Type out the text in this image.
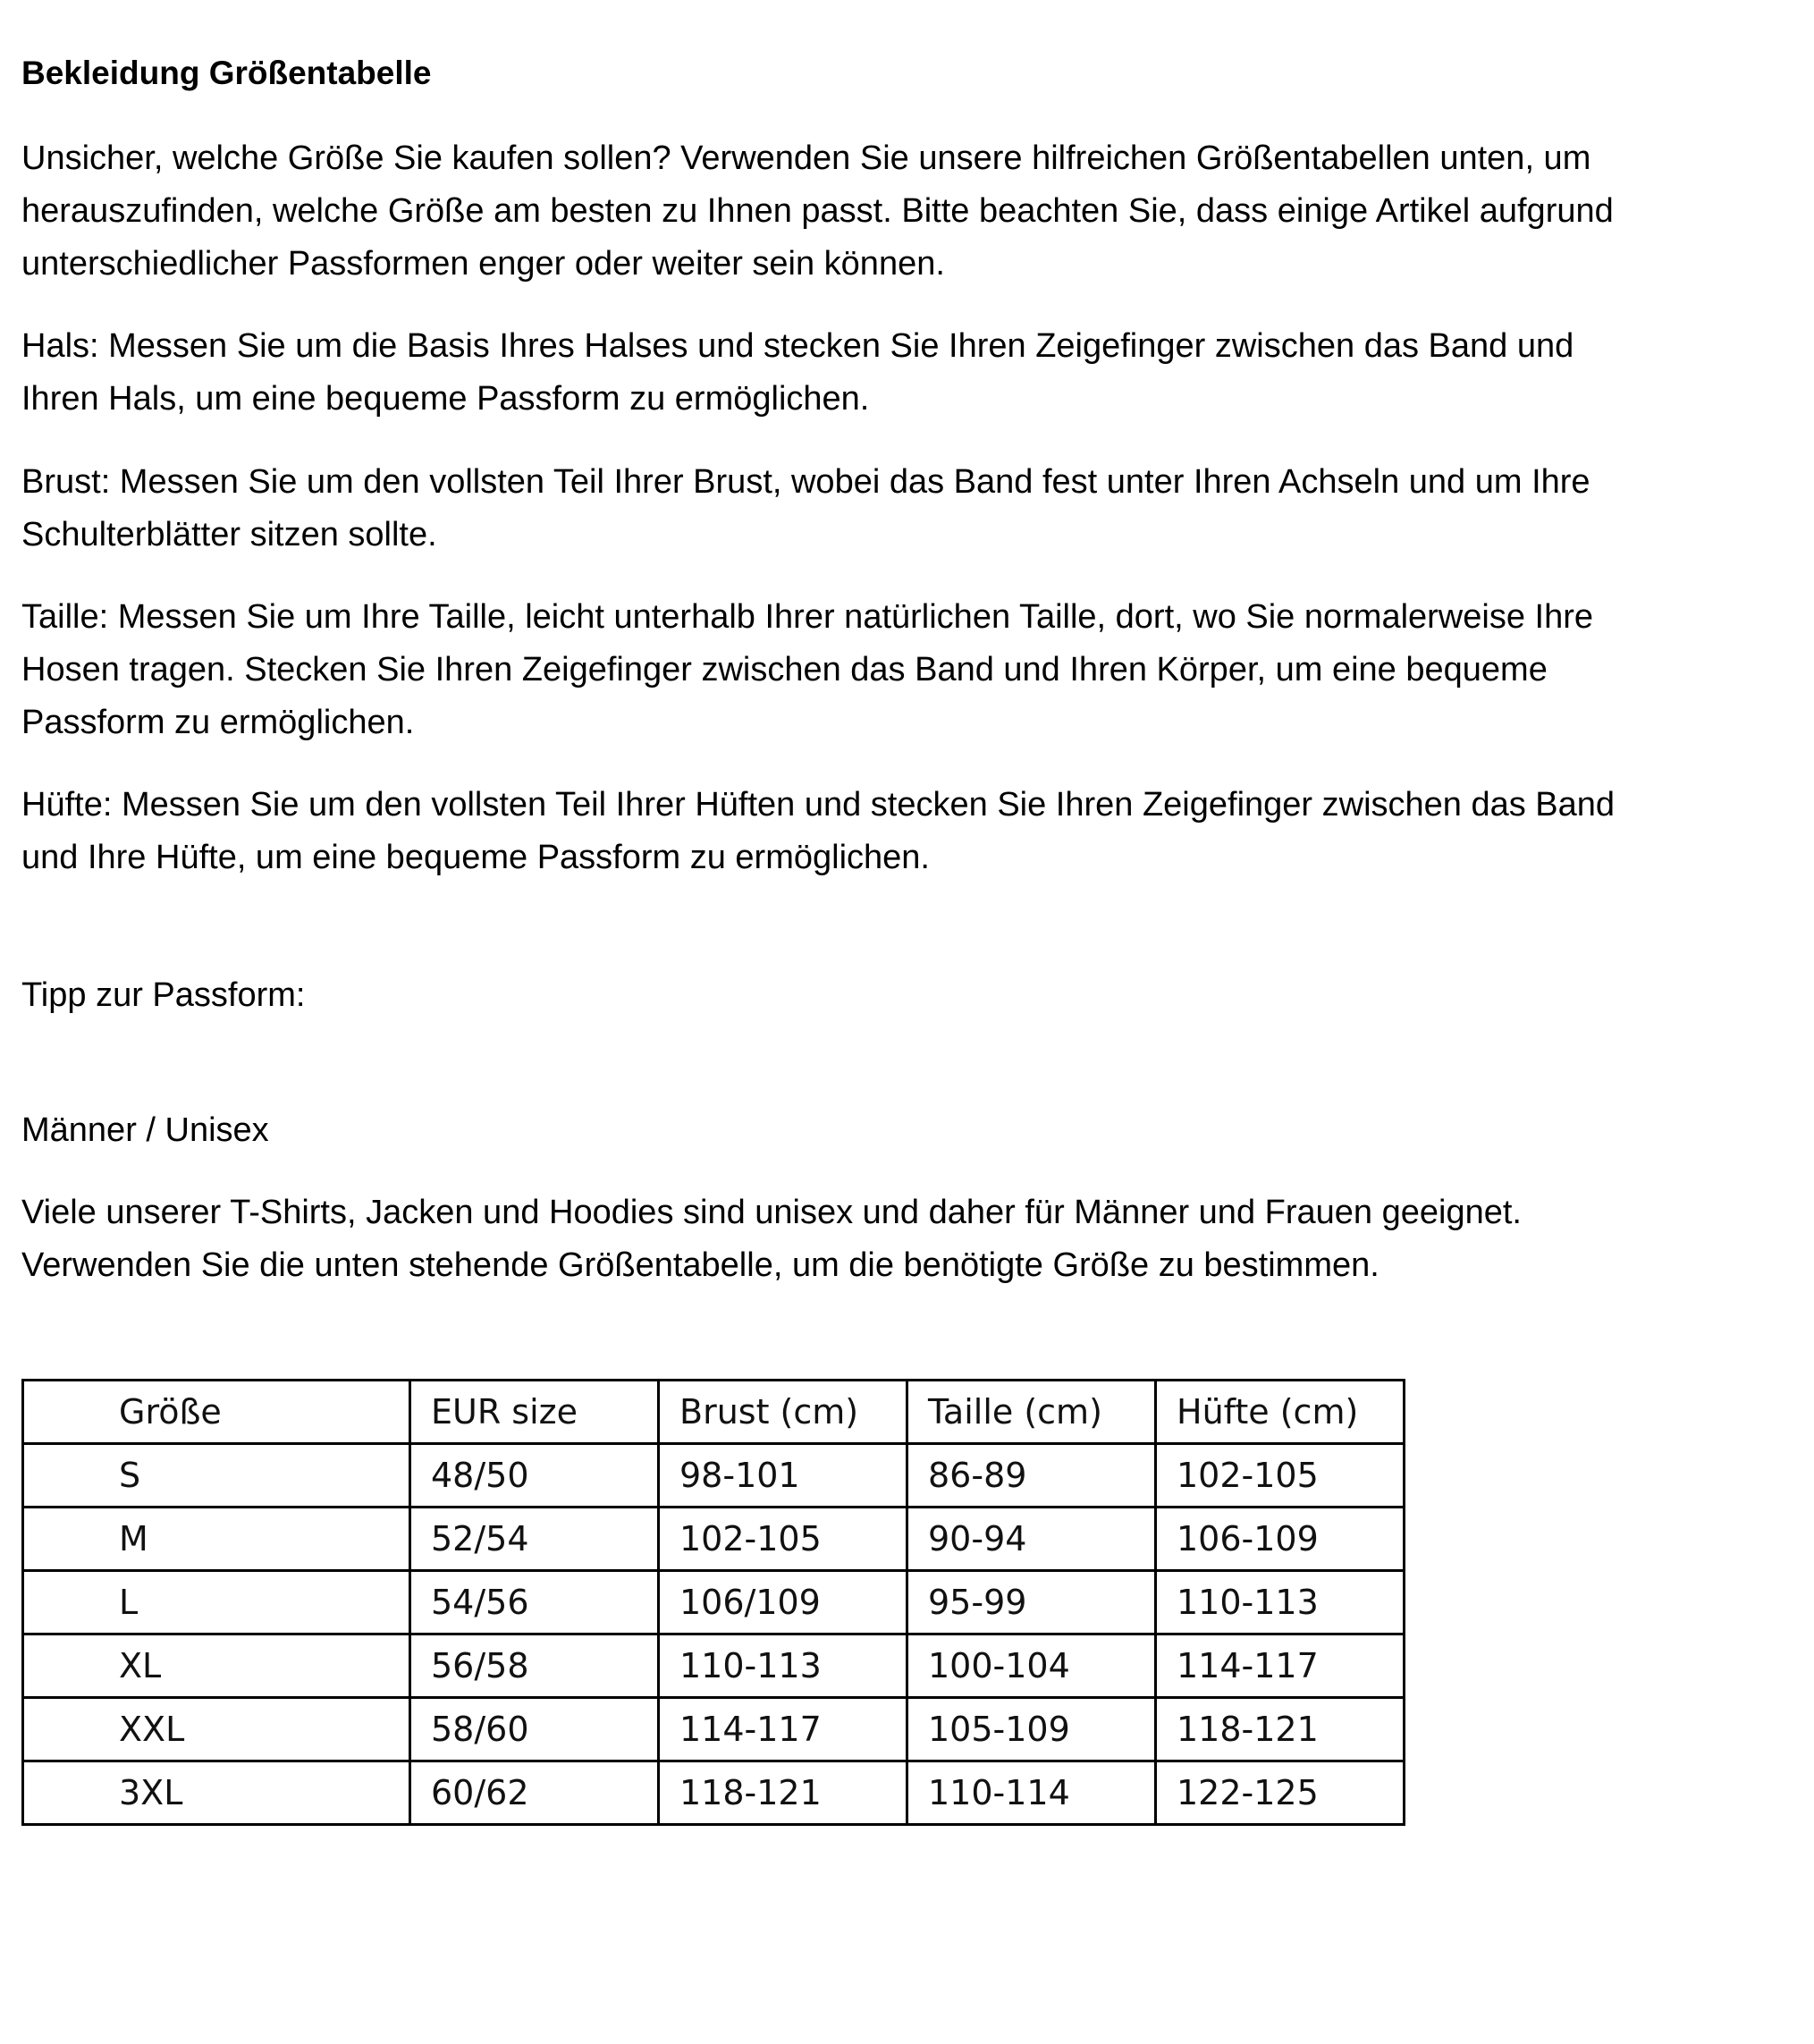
Bekleidung Größentabelle
Unsicher, welche Größe Sie kaufen sollen? Verwenden Sie unsere hilfreichen Größentabellen unten, um
herauszufinden, welche Größe am besten zu Ihnen passt. Bitte beachten Sie, dass einige Artikel aufgrund
unterschiedlicher Passformen enger oder weiter sein können.
Hals: Messen Sie um die Basis Ihres Halses und stecken Sie Ihren Zeigefinger zwischen das Band und
Ihren Hals, um eine bequeme Passform zu ermöglichen.
Brust: Messen Sie um den vollsten Teil Ihrer Brust, wobei das Band fest unter Ihren Achseln und um Ihre
Schulterblätter sitzen sollte.
Taille: Messen Sie um Ihre Taille, leicht unterhalb Ihrer natürlichen Taille, dort, wo Sie normalerweise Ihre
Hosen tragen. Stecken Sie Ihren Zeigefinger zwischen das Band und Ihren Körper, um eine bequeme
Passform zu ermöglichen.
Hüfte: Messen Sie um den vollsten Teil Ihrer Hüften und stecken Sie Ihren Zeigefinger zwischen das Band
und Ihre Hüfte, um eine bequeme Passform zu ermöglichen.
Tipp zur Passform:
Männer / Unisex
Viele unserer T-Shirts, Jacken und Hoodies sind unisex und daher für Männer und Frauen geeignet.
Verwenden Sie die unten stehende Größentabelle, um die benötigte Größe zu bestimmen.
Größe	EUR size	Brust (cm)	Taille (cm)	Hüfte (cm)
S	48/50	98-101	86-89	102-105
M	52/54	102-105	90-94	106-109
L	54/56	106/109	95-99	110-113
XL	56/58	110-113	100-104	114-117
XXL	58/60	114-117	105-109	118-121
3XL	60/62	118-121	110-114	122-125
